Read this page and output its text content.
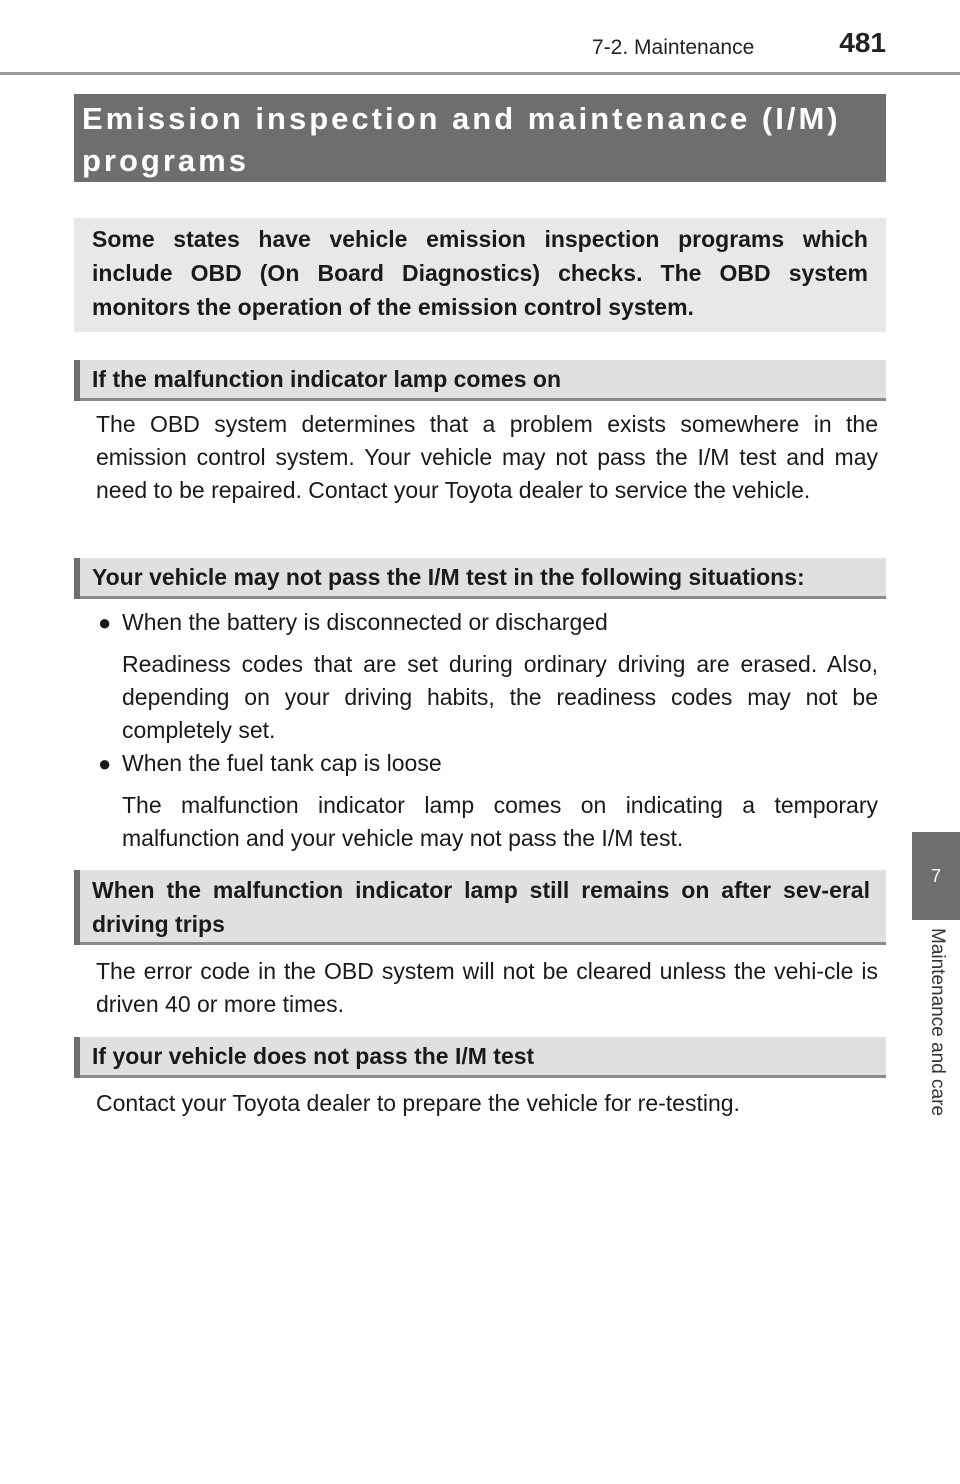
7-2. Maintenance	481
7
Maintenance and care
Emission inspection and maintenance (I/M) programs
Some states have vehicle emission inspection programs which include OBD (On Board Diagnostics) checks. The OBD system monitors the operation of the emission control system.
If the malfunction indicator lamp comes on
The OBD system determines that a problem exists somewhere in the emission control system. Your vehicle may not pass the I/M test and may need to be repaired. Contact your Toyota dealer to service the vehicle.
Your vehicle may not pass the I/M test in the following situations:
● When the battery is disconnected or discharged
Readiness codes that are set during ordinary driving are erased. Also, depending on your driving habits, the readiness codes may not be completely set.
● When the fuel tank cap is loose
The malfunction indicator lamp comes on indicating a temporary malfunction and your vehicle may not pass the I/M test.
When the malfunction indicator lamp still remains on after sev-eral driving trips
The error code in the OBD system will not be cleared unless the vehi-cle is driven 40 or more times.
If your vehicle does not pass the I/M test
Contact your Toyota dealer to prepare the vehicle for re-testing.
